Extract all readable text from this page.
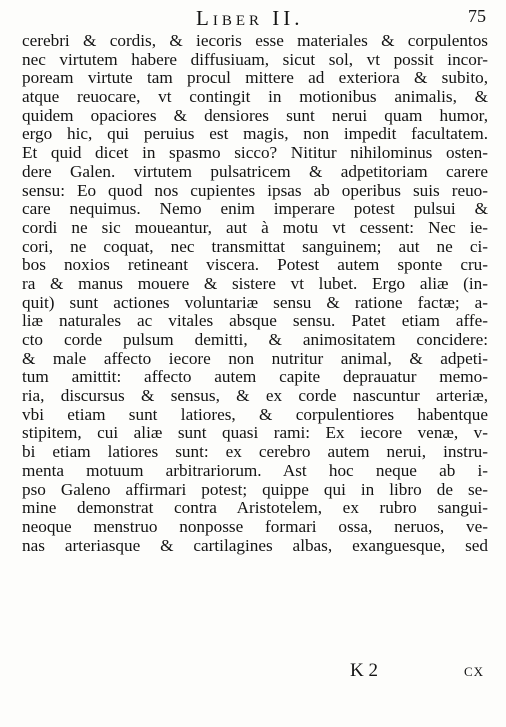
Liber II.	75
cerebri & cordis, & iecoris esse materiales & corpulentos
nec virtutem habere diffusiuam, sicut sol, vt possit incor-
poream virtute tam procul mittere ad exteriora & subito,
atque reuocare, vt contingit in motionibus animalis, &
quidem opaciores & densiores sunt nerui quam humor,
ergo hic, qui peruius est magis, non impedit facultatem.
Et quid dicet in spasmo sicco? Nititur nihilominus osten-
dere Galen. virtutem pulsatricem & adpetitoriam carere
sensu: Eo quod nos cupientes ipsas ab operibus suis reuo-
care nequimus. Nemo enim imperare potest pulsui &
cordi ne sic moueantur, aut à motu vt cessent: Nec ie-
cori, ne coquat, nec transmittat sanguinem; aut ne ci-
bos noxios retineant viscera. Potest autem sponte cru-
ra & manus mouere & sistere vt lubet. Ergo aliæ (in-
quit) sunt actiones voluntariæ sensu & ratione factæ; a-
liæ naturales ac vitales absque sensu. Patet etiam affe-
cto corde pulsum demitti, & animositatem concidere:
& male affecto iecore non nutritur animal, & adpeti-
tum amittit: affecto autem capite deprauatur memo-
ria, discursus & sensus, & ex corde nascuntur arteriæ,
vbi etiam sunt latiores, & corpulentiores habentque
stipitem, cui aliæ sunt quasi rami: Ex iecore venæ, v-
bi etiam latiores sunt: ex cerebro autem nerui, instru-
menta motuum arbitrariorum. Ast hoc neque ab i-
pso Galeno affirmari potest; quippe qui in libro de se-
mine demonstrat contra Aristotelem, ex rubro sangui-
neoque menstruo nonposse formari ossa, neruos, ve-
nas arteriasque & cartilagines albas, exanguesque, sed
K 2	cx
